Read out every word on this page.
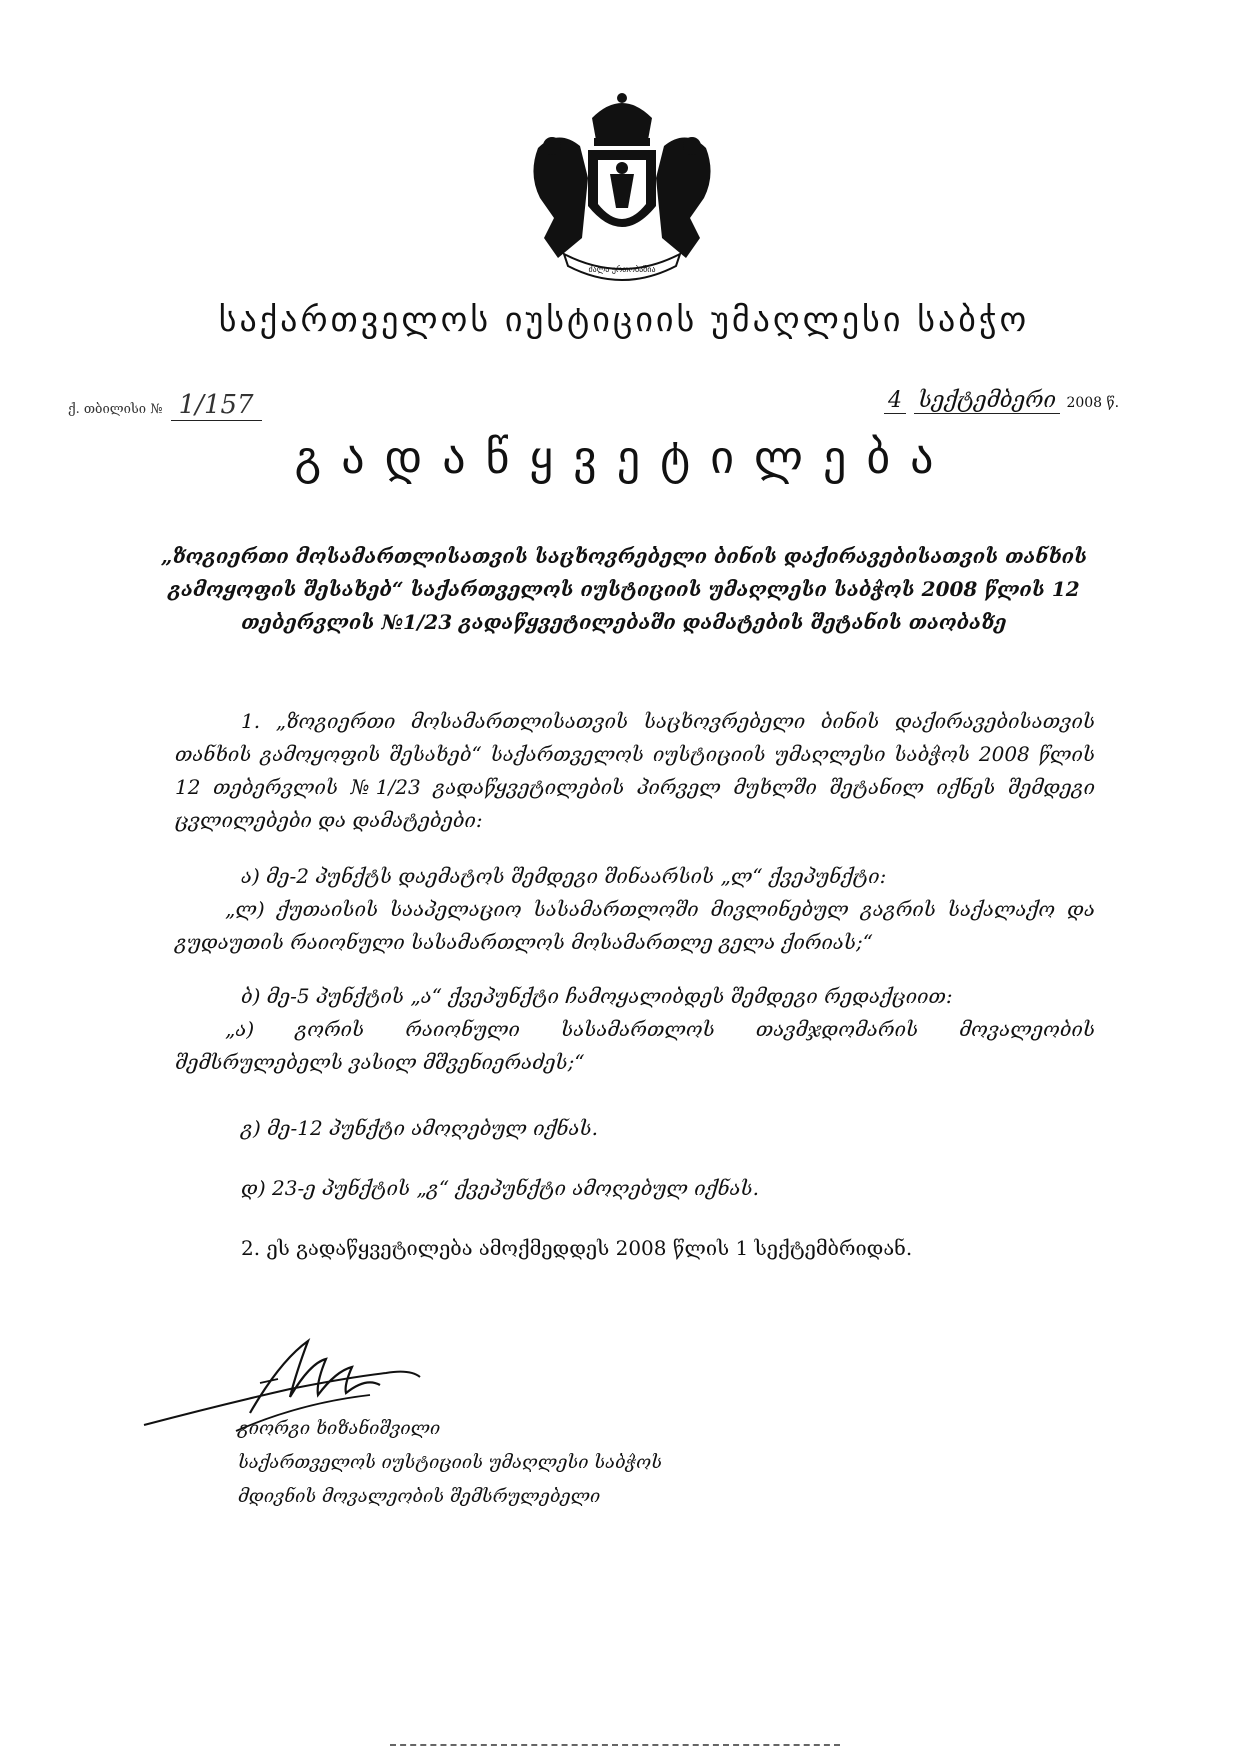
ძალა ერთობაშია
საქართველოს იუსტიციის უმაღლესი საბჭო
ქ. თბილისი № 1/157	4 სექტემბერი 2008 წ.
გადაწყვეტილება
„ზოგიერთი მოსამართლისათვის საცხოვრებელი ბინის დაქირავებისათვის თანხის გამოყოფის შესახებ“ საქართველოს იუსტიციის უმაღლესი საბჭოს 2008 წლის 12 თებერვლის №1/23 გადაწყვეტილებაში დამატების შეტანის თაობაზე
1. „ზოგიერთი მოსამართლისათვის საცხოვრებელი ბინის დაქირავებისათვის თანხის გამოყოფის შესახებ“ საქართველოს იუსტიციის უმაღლესი საბჭოს 2008 წლის 12 თებერვლის №1/23 გადაწყვეტილების პირველ მუხლში შეტანილ იქნეს შემდეგი ცვლილებები და დამატებები:
ა) მე-2 პუნქტს დაემატოს შემდეგი შინაარსის „ლ“ ქვეპუნქტი:
„ლ) ქუთაისის სააპელაციო სასამართლოში მივლინებულ გაგრის საქალაქო და გუდაუთის რაიონული სასამართლოს მოსამართლე გელა ქირიას;“
ბ) მე-5 პუნქტის „ა“ ქვეპუნქტი ჩამოყალიბდეს შემდეგი რედაქციით:
„ა) გორის რაიონული სასამართლოს თავმჯდომარის მოვალეობის შემსრულებელს ვასილ მშვენიერაძეს;“
გ) მე-12 პუნქტი ამოღებულ იქნას.
დ) 23-ე პუნქტის „გ“ ქვეპუნქტი ამოღებულ იქნას.
2. ეს გადაწყვეტილება ამოქმედდეს 2008 წლის 1 სექტემბრიდან.
გიორგი ხიზანიშვილი
საქართველოს იუსტიციის უმაღლესი საბჭოს
მდივნის მოვალეობის შემსრულებელი
